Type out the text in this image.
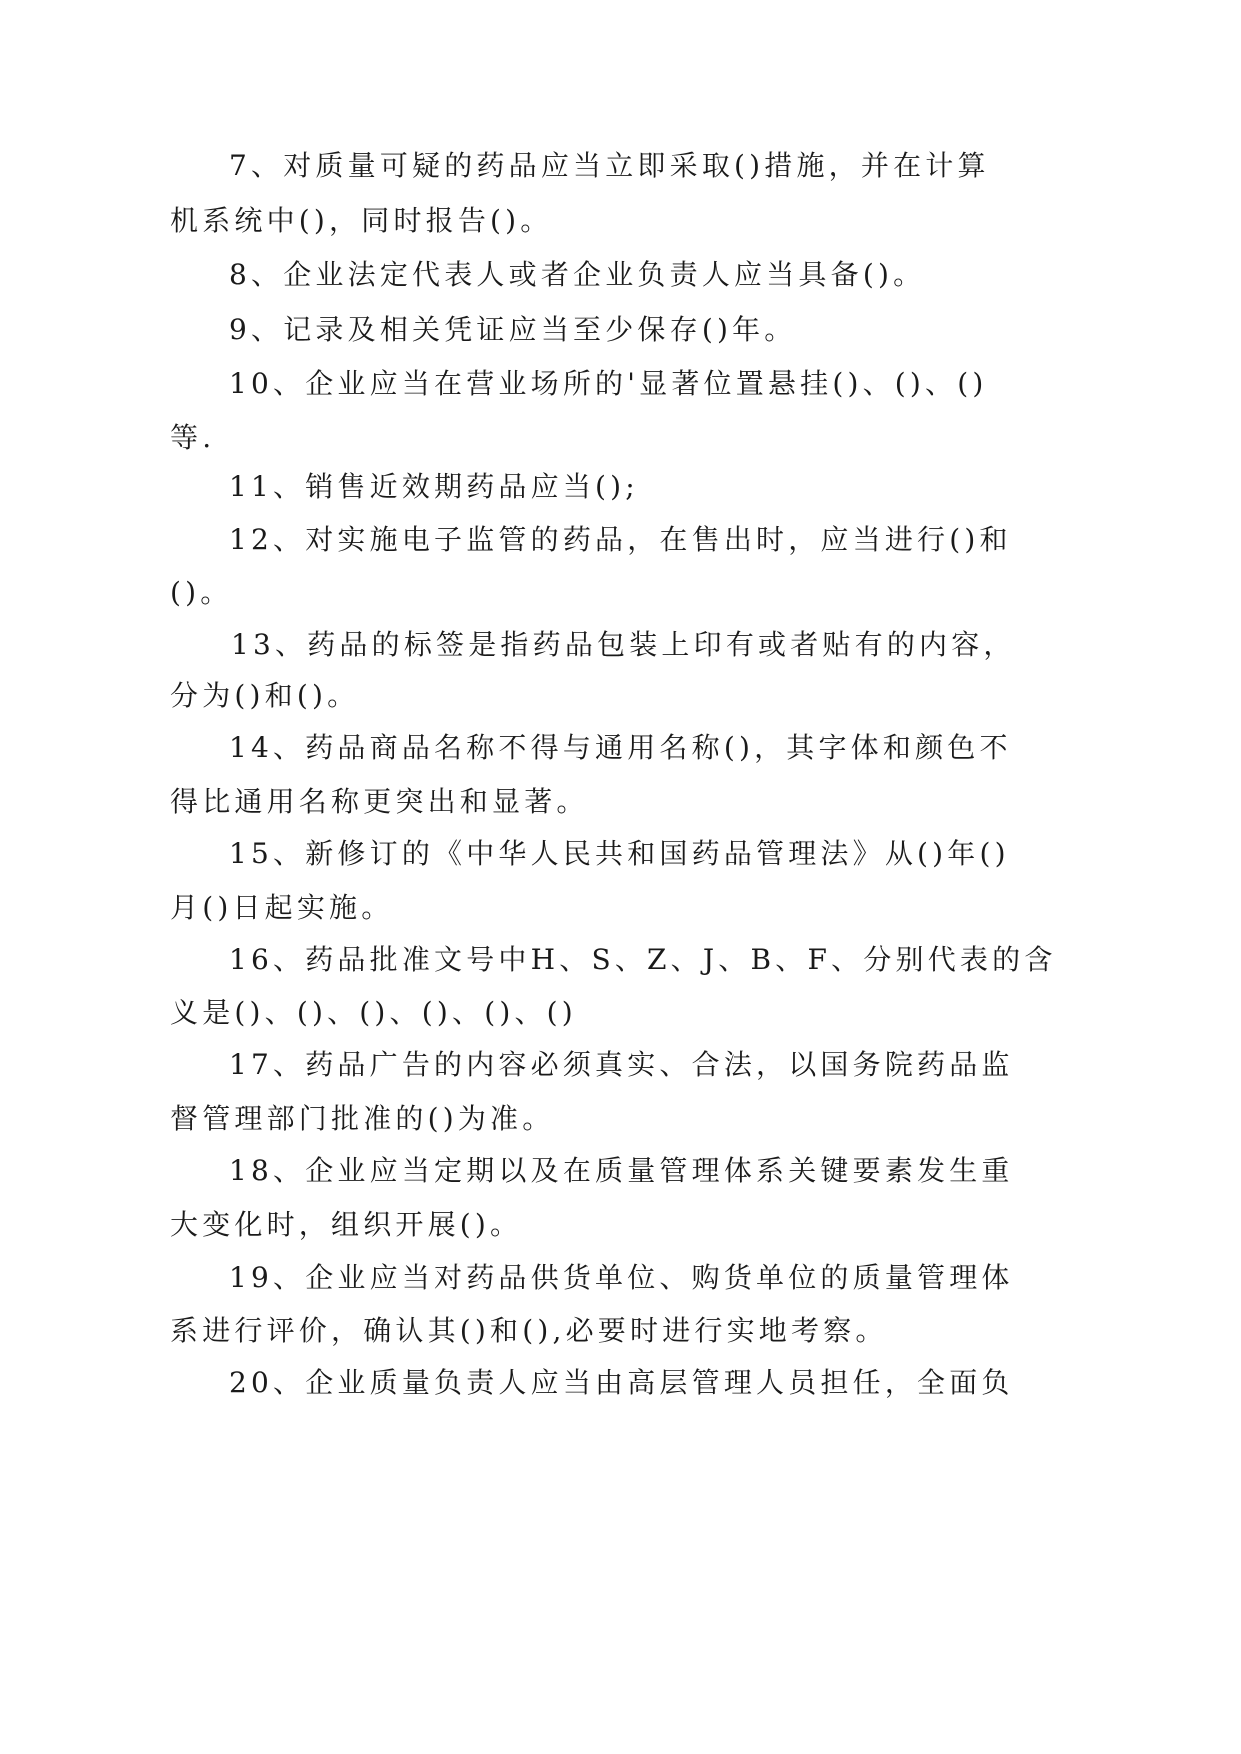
7、对质量可疑的药品应当立即采取()措施，并在计算
机系统中()，同时报告()。
8、企业法定代表人或者企业负责人应当具备()。
9、记录及相关凭证应当至少保存()年。
10、企业应当在营业场所的'显著位置悬挂()、()、()
等.
11、销售近效期药品应当();
12、对实施电子监管的药品，在售出时，应当进行()和
()。
13、药品的标签是指药品包装上印有或者贴有的内容，
分为()和()。
14、药品商品名称不得与通用名称()，其字体和颜色不
得比通用名称更突出和显著。
15、新修订的《中华人民共和国药品管理法》从()年()
月()日起实施。
16、药品批准文号中H、S、Z、J、B、F、分别代表的含
义是()、()、()、()、()、()
17、药品广告的内容必须真实、合法，以国务院药品监
督管理部门批准的()为准。
18、企业应当定期以及在质量管理体系关键要素发生重
大变化时，组织开展()。
19、企业应当对药品供货单位、购货单位的质量管理体
系进行评价，确认其()和(),必要时进行实地考察。
20、企业质量负责人应当由高层管理人员担任，全面负
